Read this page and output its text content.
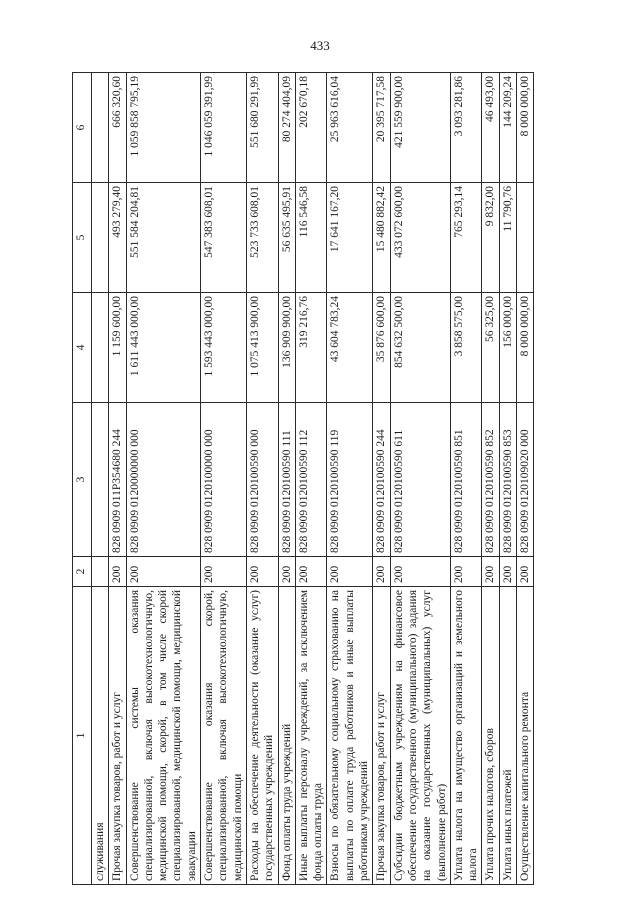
433
1	2	3	4	5	6
служивания					
Прочая закупка товаров, работ и услуг	200	828 0909 011P354680 244	1 159 600,00	493 279,40	666 320,60
Совершенствование системы оказания специализированной, включая высокотехнологичную, медицинской помощи, скорой, в том числе скорой специализированной, медицинской помощи, медицинской эвакуации	200	828 0909 0120000000 000	1 611 443 000,00	551 584 204,81	1 059 858 795,19
Совершенствование оказания скорой, специализированной, включая высокотехнологичную, медицинской помощи	200	828 0909 0120100000 000	1 593 443 000,00	547 383 608,01	1 046 059 391,99
Расходы на обеспечение деятельности (оказание услуг) государственных учреждений	200	828 0909 0120100590 000	1 075 413 900,00	523 733 608,01	551 680 291,99
Фонд оплаты труда учреждений	200	828 0909 0120100590 111	136 909 900,00	56 635 495,91	80 274 404,09
Иные выплаты персоналу учреждений, за исключением фонда оплаты труда	200	828 0909 0120100590 112	319 216,76	116 546,58	202 670,18
Взносы по обязательному социальному страхованию на выплаты по оплате труда работников и иные выплаты работникам учреждений	200	828 0909 0120100590 119	43 604 783,24	17 641 167,20	25 963 616,04
Прочая закупка товаров, работ и услуг	200	828 0909 0120100590 244	35 876 600,00	15 480 882,42	20 395 717,58
Субсидии бюджетным учреждениям на финансовое обеспечение государственного (муниципального) задания на оказание государственных (муниципальных) услуг (выполнение работ)	200	828 0909 0120100590 611	854 632 500,00	433 072 600,00	421 559 900,00
Уплата налога на имущество организаций и земельного налога	200	828 0909 0120100590 851	3 858 575,00	765 293,14	3 093 281,86
Уплата прочих налогов, сборов	200	828 0909 0120100590 852	56 325,00	9 832,00	46 493,00
Уплата иных платежей	200	828 0909 0120100590 853	156 000,00	11 790,76	144 209,24
Осуществление капитального ремонта	200	828 0909 0120109020 000	8 000 000,00		8 000 000,00
